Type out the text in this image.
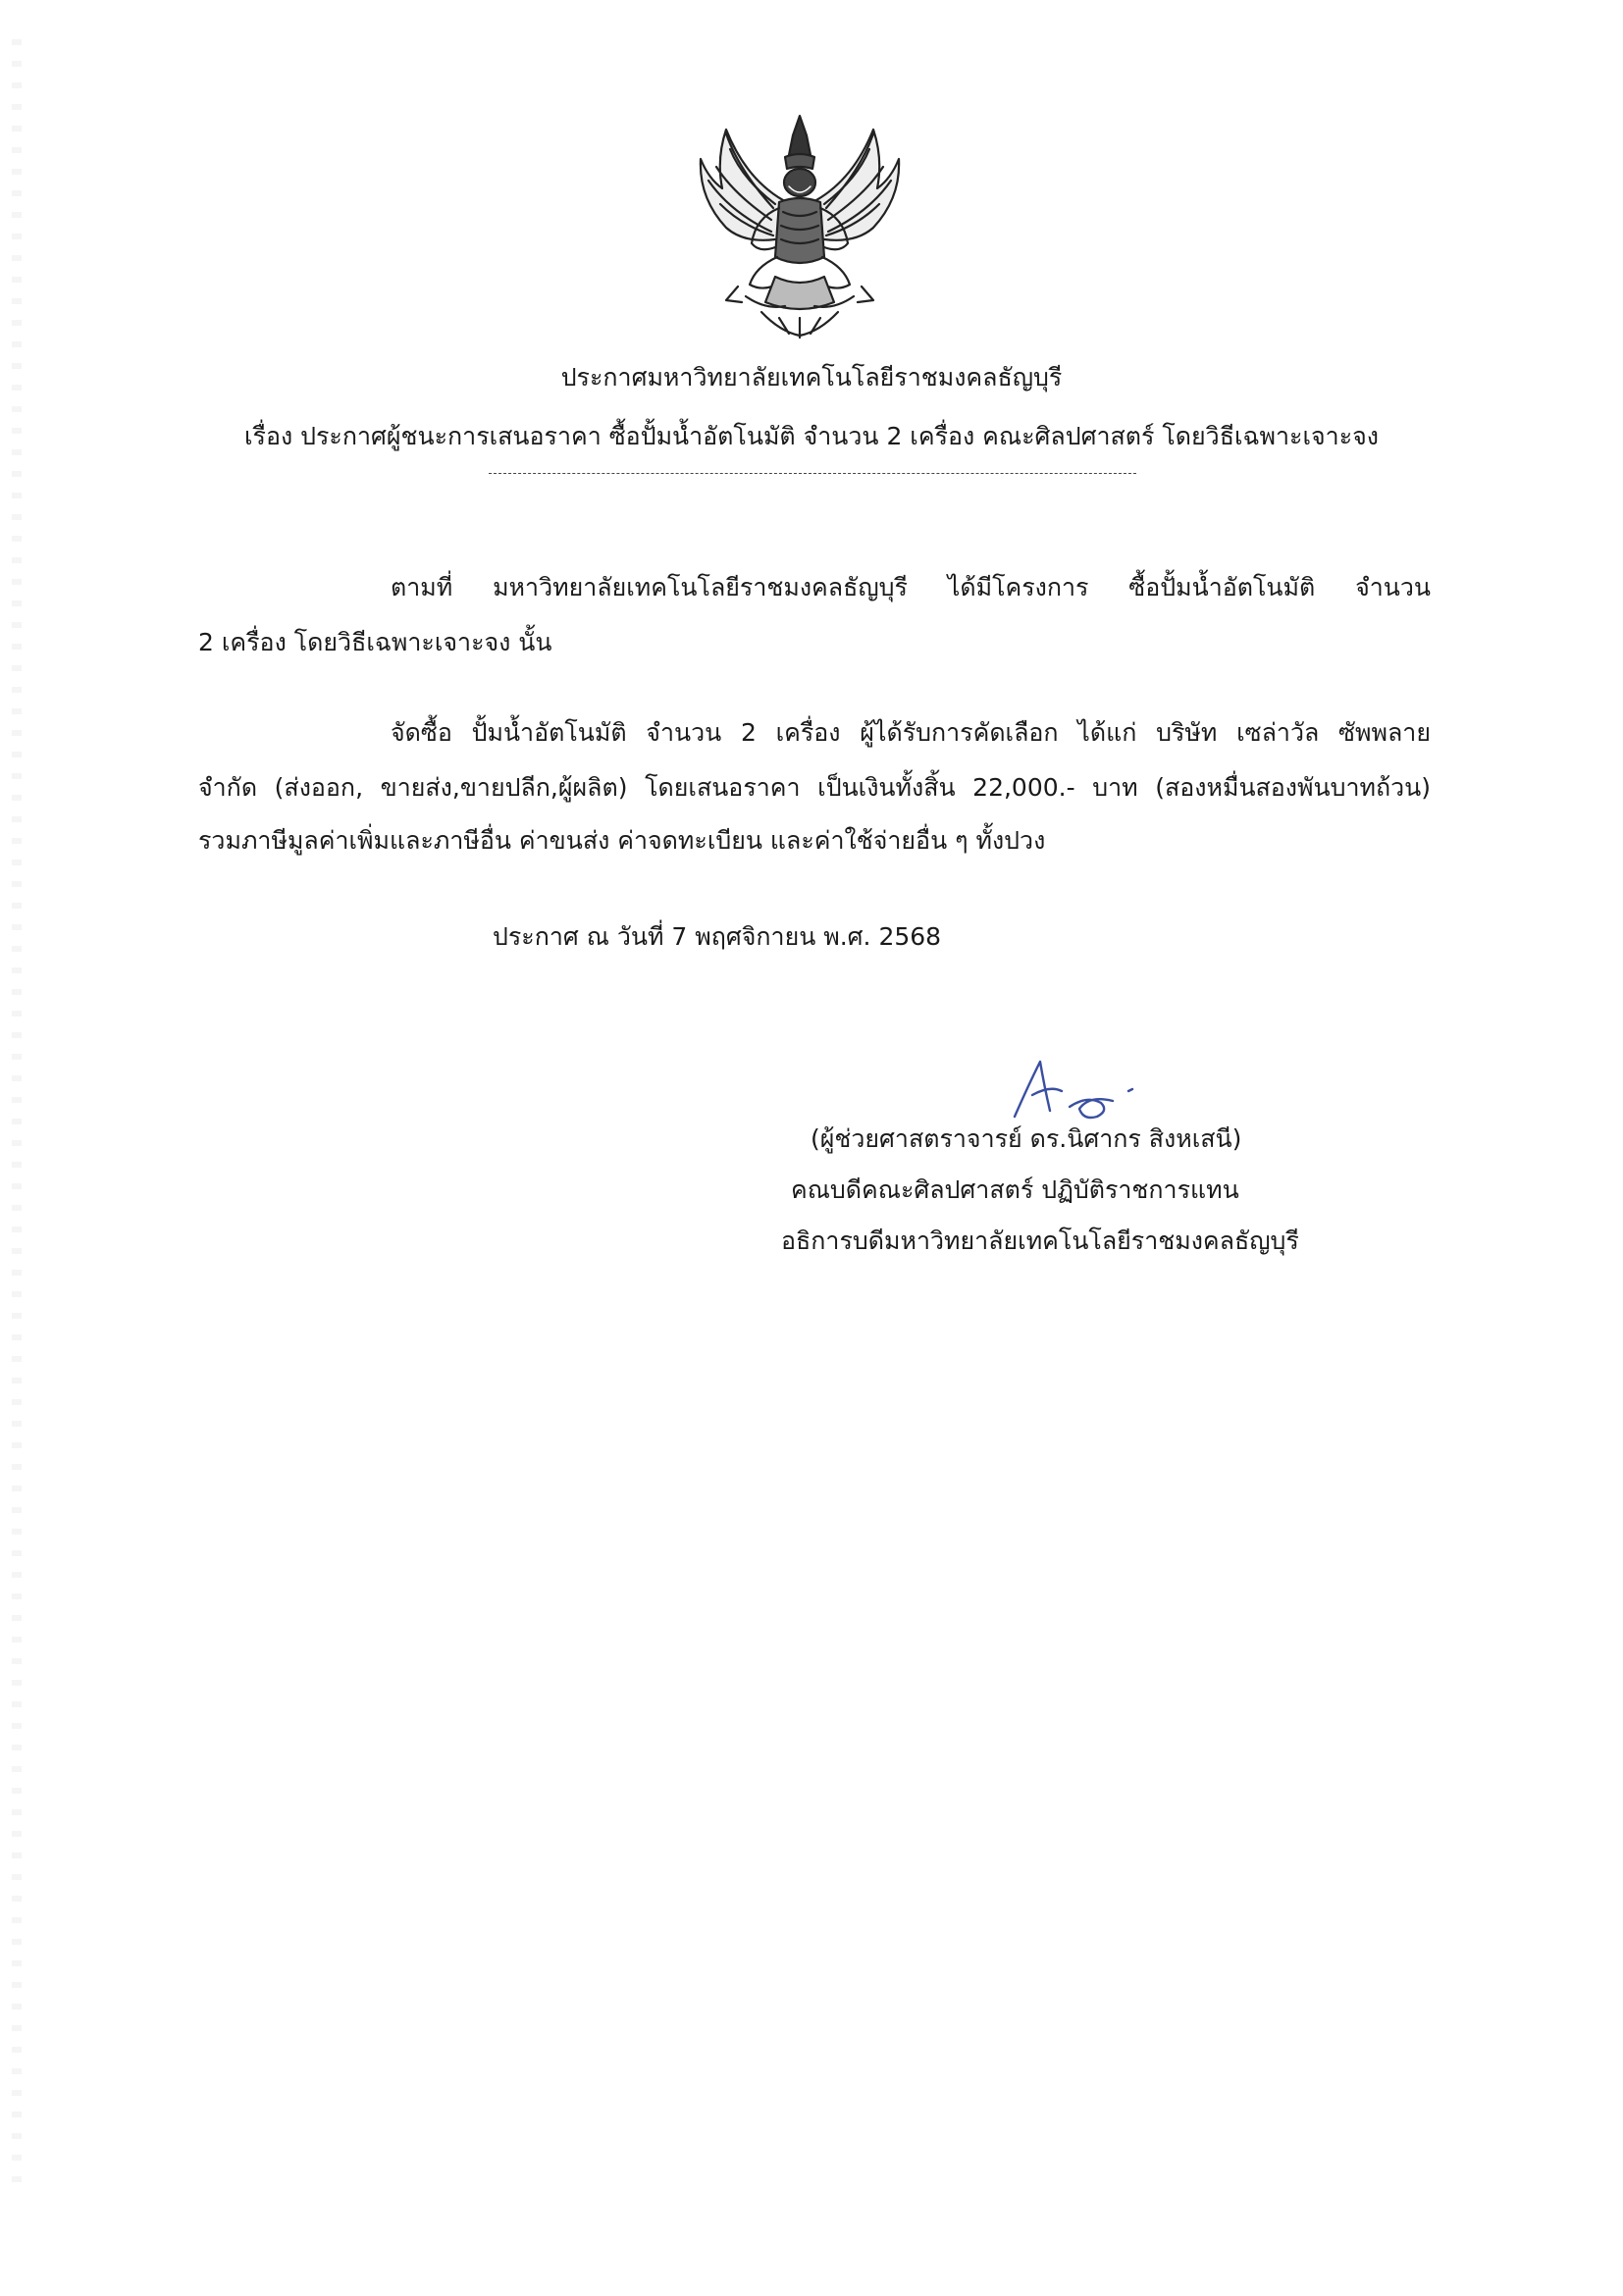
ประกาศมหาวิทยาลัยเทคโนโลยีราชมงคลธัญบุรี
เรื่อง ประกาศผู้ชนะการเสนอราคา ซื้อปั้มน้ำอัตโนมัติ จำนวน 2 เครื่อง คณะศิลปศาสตร์ โดยวิธีเฉพาะเจาะจง
ตามที่ มหาวิทยาลัยเทคโนโลยีราชมงคลธัญบุรี ได้มีโครงการ ซื้อปั้มน้ำอัตโนมัติ จำนวน
2 เครื่อง โดยวิธีเฉพาะเจาะจง นั้น
จัดซื้อ ปั้มน้ำอัตโนมัติ จำนวน 2 เครื่อง ผู้ได้รับการคัดเลือก ได้แก่ บริษัท เซล่าวัล ซัพพลาย
จำกัด (ส่งออก, ขายส่ง,ขายปลีก,ผู้ผลิต) โดยเสนอราคา เป็นเงินทั้งสิ้น 22,000.- บาท (สองหมื่นสองพันบาทถ้วน)
รวมภาษีมูลค่าเพิ่มและภาษีอื่น ค่าขนส่ง ค่าจดทะเบียน และค่าใช้จ่ายอื่น ๆ ทั้งปวง
ประกาศ ณ วันที่ 7 พฤศจิกายน พ.ศ. 2568
(ผู้ช่วยศาสตราจารย์ ดร.นิศากร สิงหเสนี)
คณบดีคณะศิลปศาสตร์ ปฏิบัติราชการแทน
อธิการบดีมหาวิทยาลัยเทคโนโลยีราชมงคลธัญบุรี
